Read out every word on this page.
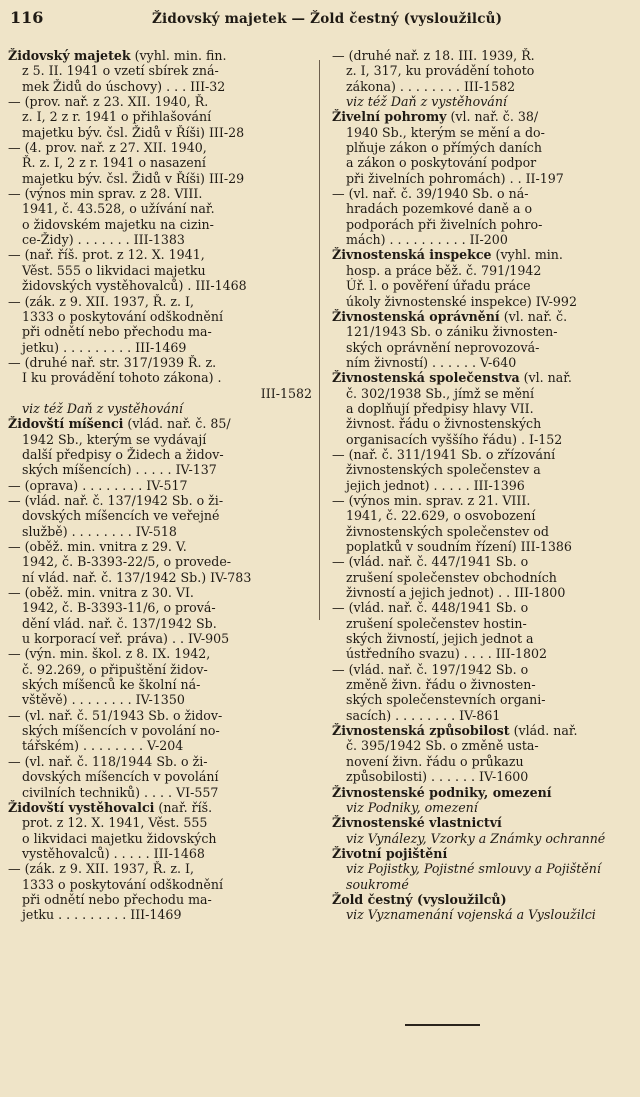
116	Židovský majetek — Žold čestný (vysloužilců)
Židovský majetek (vyhl. min. fin.
z 5. II. 1941 o vzetí sbírek zná-
mek Židů do úschovy) . . . III-32
— (prov. nař. z 23. XII. 1940, Ř.
z. I, 2 z r. 1941 o přihlašování
majetku býv. čsl. Židů v Říši) III-28
— (4. prov. nař. z 27. XII. 1940,
Ř. z. I, 2 z r. 1941 o nasazení
majetku býv. čsl. Židů v Říši) III-29
— (výnos min sprav. z 28. VIII.
1941, č. 43.528, o užívání nař.
o židovském majetku na cizin-
ce-Židy) . . . . . . . III-1383
— (nař. říš. prot. z 12. X. 1941,
Věst. 555 o likvidaci majetku
židovských vystěhovalců) . III-1468
— (zák. z 9. XII. 1937, Ř. z. I,
1333 o poskytování odškodnění
při odnětí nebo přechodu ma-
jetku) . . . . . . . . . III-1469
— (druhé nař. str. 317/1939 Ř. z.
I ku provádění tohoto zákona) .
III-1582
viz též Daň z vystěhování
Židovští míšenci (vlád. nař. č. 85/
1942 Sb., kterým se vydávají
další předpisy o Židech a židov-
ských míšencích) . . . . . IV-137
— (oprava) . . . . . . . . IV-517
— (vlád. nař. č. 137/1942 Sb. o ži-
dovských míšencích ve veřejné
službě) . . . . . . . . IV-518
— (oběž. min. vnitra z 29. V.
1942, č. B-3393-22/5, o provede-
ní vlád. nař. č. 137/1942 Sb.) IV-783
— (oběž. min. vnitra z 30. VI.
1942, č. B-3393-11/6, o prová-
dění vlád. nař. č. 137/1942 Sb.
u korporací veř. práva) . . IV-905
— (výn. min. škol. z 8. IX. 1942,
č. 92.269, o připuštění židov-
ských míšenců ke školní ná-
vštěvě) . . . . . . . . IV-1350
— (vl. nař. č. 51/1943 Sb. o židov-
ských míšencích v povolání no-
tářském) . . . . . . . . V-204
— (vl. nař. č. 118/1944 Sb. o ži-
dovských míšencích v povolání
civilních techniků) . . . . VI-557
Židovští vystěhovalci (nař. říš.
prot. z 12. X. 1941, Věst. 555
o likvidaci majetku židovských
vystěhovalců) . . . . . III-1468
— (zák. z 9. XII. 1937, Ř. z. I,
1333 o poskytování odškodnění
při odnětí nebo přechodu ma-
jetku . . . . . . . . . III-1469
— (druhé nař. z 18. III. 1939, Ř.
z. I, 317, ku provádění tohoto
zákona) . . . . . . . . III-1582
viz též Daň z vystěhování
Živelní pohromy (vl. nař. č. 38/
1940 Sb., kterým se mění a do-
plňuje zákon o přímých daních
a zákon o poskytování podpor
při živelních pohromách) . . II-197
— (vl. nař. č. 39/1940 Sb. o ná-
hradách pozemkové daně a o
podporách při živelních pohro-
mách) . . . . . . . . . . II-200
Živnostenská inspekce (vyhl. min.
hosp. a práce běž. č. 791/1942
Úř. l. o pověření úřadu práce
úkoly živnostenské inspekce) IV-992
Živnostenská oprávnění (vl. nař. č.
121/1943 Sb. o zániku živnosten-
ských oprávnění neprovozová-
ním živností) . . . . . . V-640
Živnostenská společenstva (vl. nař.
č. 302/1938 Sb., jímž se mění
a doplňují předpisy hlavy VII.
živnost. řádu o živnostenských
organisacích vyššího řádu) . I-152
— (nař. č. 311/1941 Sb. o zřízování
živnostenských společenstev a
jejich jednot) . . . . . III-1396
— (výnos min. sprav. z 21. VIII.
1941, č. 22.629, o osvobození
živnostenských společenstev od
poplatků v soudním řízení) III-1386
— (vlád. nař. č. 447/1941 Sb. o
zrušení společenstev obchodních
živností a jejich jednot) . . III-1800
— (vlád. nař. č. 448/1941 Sb. o
zrušení společenstev hostin-
ských živností, jejich jednot a
ústředního svazu) . . . . III-1802
— (vlád. nař. č. 197/1942 Sb. o
změně živn. řádu o živnosten-
ských společenstevních organi-
sacích) . . . . . . . . IV-861
Živnostenská způsobilost (vlád. nař.
č. 395/1942 Sb. o změně usta-
novení živn. řádu o průkazu
způsobilosti) . . . . . . IV-1600
Živnostenské podniky, omezení
viz Podniky, omezení
Živnostenské vlastnictví
viz Vynálezy, Vzorky a Známky ochranné
Životní pojištění
viz Pojistky, Pojistné smlouvy a Pojištění soukromé
Žold čestný (vysloužilců)
viz Vyznamenání vojenská a Vysloužilci
